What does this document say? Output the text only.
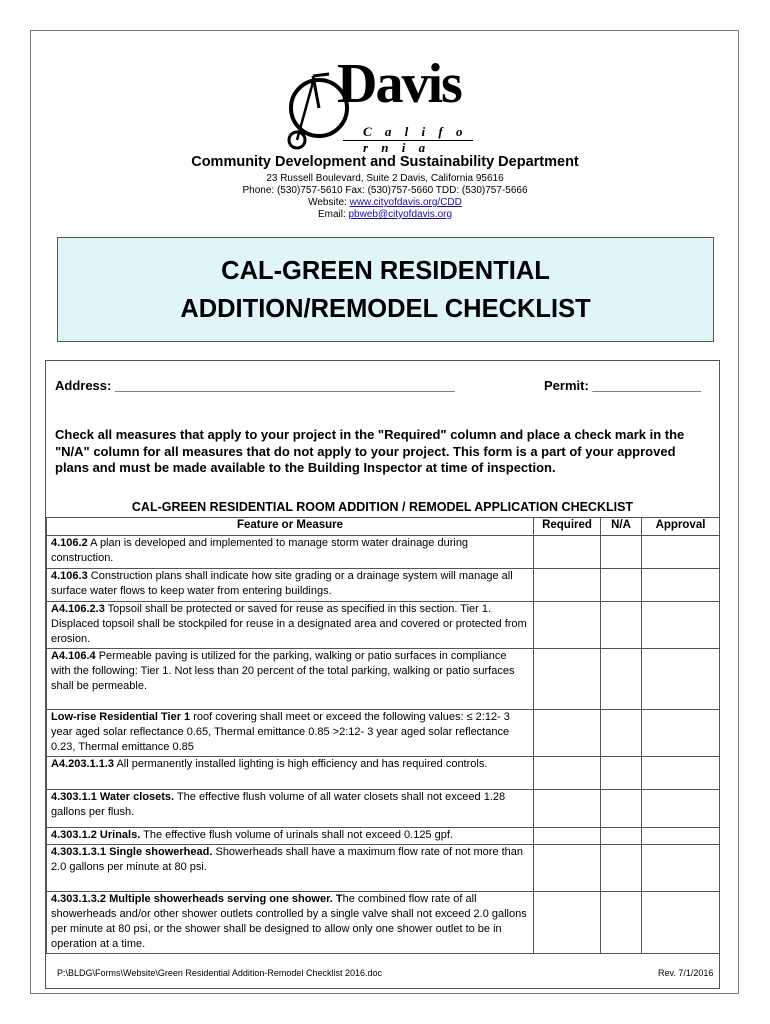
Davis
C a l i f o r n i a
Community Development and Sustainability Department
23 Russell Boulevard, Suite 2 Davis, California 95616
Phone: (530)757-5610 Fax: (530)757-5660 TDD: (530)757-5666
Website: www.cityofdavis.org/CDD
Email: pbweb@cityofdavis.org
CAL-GREEN RESIDENTIAL
ADDITION/REMODEL CHECKLIST
Address: _______________________________________________	Permit: _______________
Check all measures that apply to your project in the "Required" column and place a check mark in the "N/A" column for all measures that do not apply to your project. This form is a part of your approved plans and must be made available to the Building Inspector at time of inspection.
CAL-GREEN RESIDENTIAL ROOM ADDITION / REMODEL APPLICATION CHECKLIST
Feature or Measure	Required	N/A	Approval
4.106.2 A plan is developed and implemented to manage storm water drainage during construction.			
4.106.3 Construction plans shall indicate how site grading or a drainage system will manage all surface water flows to keep water from entering buildings.			
A4.106.2.3 Topsoil shall be protected or saved for reuse as specified in this section. Tier 1. Displaced topsoil shall be stockpiled for reuse in a designated area and covered or protected from erosion.			
A4.106.4 Permeable paving is utilized for the parking, walking or patio surfaces in compliance with the following: Tier 1. Not less than 20 percent of the total parking, walking or patio surfaces shall be permeable.			
Low-rise Residential Tier 1 roof covering shall meet or exceed the following values: ≤ 2:12- 3 year aged solar reflectance 0.65, Thermal emittance 0.85 >2:12- 3 year aged solar reflectance 0.23, Thermal emittance 0.85			
A4.203.1.1.3 All permanently installed lighting is high efficiency and has required controls.			
4.303.1.1 Water closets. The effective flush volume of all water closets shall not exceed 1.28 gallons per flush.			
4.303.1.2 Urinals. The effective flush volume of urinals shall not exceed 0.125 gpf.			
4.303.1.3.1 Single showerhead. Showerheads shall have a maximum flow rate of not more than 2.0 gallons per minute at 80 psi.			
4.303.1.3.2 Multiple showerheads serving one shower. The combined flow rate of all showerheads and/or other shower outlets controlled by a single valve shall not exceed 2.0 gallons per minute at 80 psi, or the shower shall be designed to allow only one shower outlet to be in operation at a time.			
P:\BLDG\Forms\Website\Green Residential Addition-Remodel Checklist 2016.doc	Rev. 7/1/2016
